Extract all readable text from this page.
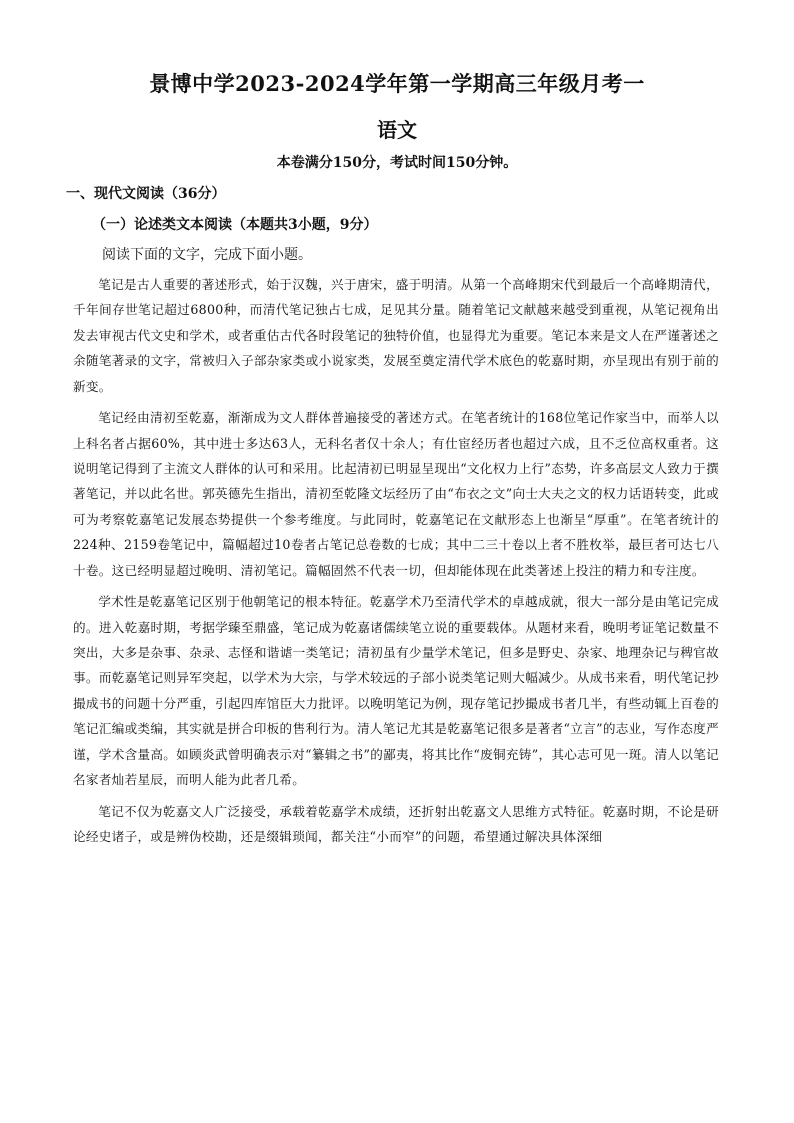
景博中学2023-2024学年第一学期高三年级月考一
语文
本卷满分150分，考试时间150分钟。
一、现代文阅读（36分）
（一）论述类文本阅读（本题共3小题，9分）
阅读下面的文字，完成下面小题。

笔记是古人重要的著述形式，始于汉魏，兴于唐宋，盛于明清。从第一个高峰期宋代到最后一个高峰期清代，千年间存世笔记超过6800种，而清代笔记独占七成，足见其分量。随着笔记文献越来越受到重视，从笔记视角出发去审视古代文史和学术，或者重估古代各时段笔记的独特价值，也显得尤为重要。笔记本来是文人在严谨著述之余随笔著录的文字，常被归入子部杂家类或小说家类，发展至奠定清代学术底色的乾嘉时期，亦呈现出有别于前的新变。

笔记经由清初至乾嘉，渐渐成为文人群体普遍接受的著述方式。在笔者统计的168位笔记作家当中，而举人以上科名者占据60%，其中进士多达63人，无科名者仅十余人；有仕宦经历者也超过六成，且不乏位高权重者。这说明笔记得到了主流文人群体的认可和采用。比起清初已明显呈现出“文化权力上行”态势，许多高层文人致力于撰著笔记，并以此名世。郭英德先生指出，清初至乾隆文坛经历了由“布衣之文”向士大夫之文的权力话语转变，此或可为考察乾嘉笔记发展态势提供一个参考维度。与此同时，乾嘉笔记在文献形态上也渐呈“厚重”。在笔者统计的224种、2159卷笔记中，篇幅超过10卷者占笔记总卷数的七成；其中二三十卷以上者不胜枚举，最巨者可达七八十卷。这已经明显超过晚明、清初笔记。篇幅固然不代表一切，但却能体现在此类著述上投注的精力和专注度。

学术性是乾嘉笔记区别于他朝笔记的根本特征。乾嘉学术乃至清代学术的卓越成就，很大一部分是由笔记完成的。进入乾嘉时期，考据学臻至鼎盛，笔记成为乾嘉诸儒续笔立说的重要载体。从题材来看，晚明考证笔记数量不突出，大多是杂事、杂录、志怪和谐谑一类笔记；清初虽有少量学术笔记，但多是野史、杂家、地理杂记与稗官故事。而乾嘉笔记则异军突起，以学术为大宗，与学术较远的子部小说类笔记则大幅减少。从成书来看，明代笔记抄撮成书的问题十分严重，引起四库馆臣大力批评。以晚明笔记为例，现存笔记抄撮成书者几半，有些动辄上百卷的笔记汇编或类编，其实就是拼合印板的售利行为。清人笔记尤其是乾嘉笔记很多是著者“立言”的志业，写作态度严谨，学术含量高。如顾炎武曾明确表示对“纂辑之书”的鄙夷，将其比作“废铜充铸”，其心志可见一斑。清人以笔记名家者灿若星辰，而明人能为此者几希。

笔记不仅为乾嘉文人广泛接受，承载着乾嘉学术成绩，还折射出乾嘉文人思维方式特征。乾嘉时期，不论是研论经史诸子，或是辨伪校勘，还是缀辑琐闻，都关注“小而窄”的问题，希望通过解决具体深细
